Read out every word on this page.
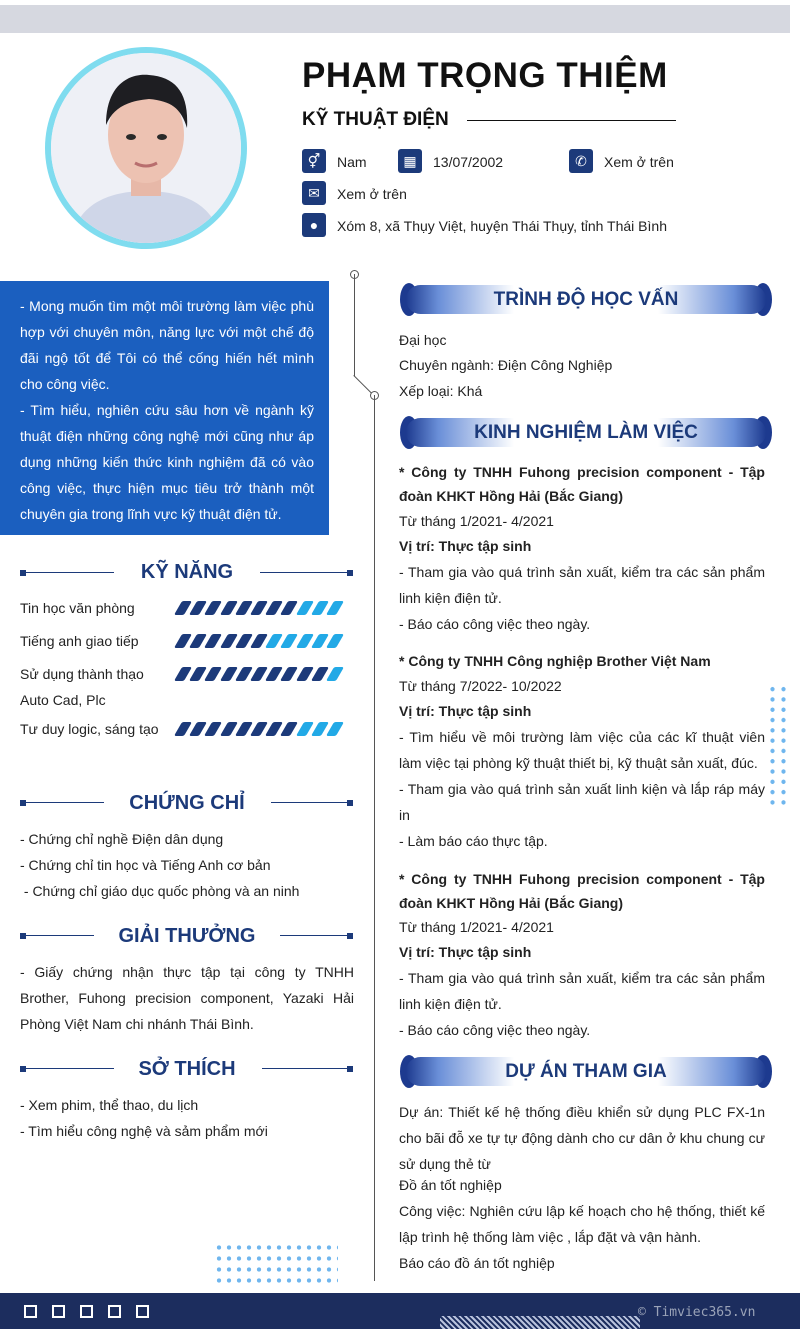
PHẠM TRỌNG THIỆM
KỸ THUẬT ĐIỆN
⚥	Nam	▦	13/07/2002	✆	Xem ở trên
✉	Xem ở trên
●	Xóm 8, xã Thụy Việt, huyện Thái Thụy, tỉnh Thái Bình

- Mong muốn tìm một môi trường làm việc phù hợp với chuyên môn, năng lực với một chế độ đãi ngộ tốt để Tôi có thể cống hiến hết mình cho công việc.
- Tìm hiểu, nghiên cứu sâu hơn về ngành kỹ thuật điện những công nghệ mới cũng như áp dụng những kiến thức kinh nghiệm đã có vào công việc, thực hiện mục tiêu trở thành một chuyên gia trong lĩnh vực kỹ thuật điện tử.

KỸ NĂNG
Tin học văn phòng
Tiếng anh giao tiếp
Sử dụng thành thạo Auto Cad, Plc
Tư duy logic, sáng tạo
CHỨNG CHỈ
- Chứng chỉ nghề Điện dân dụng
- Chứng chỉ tin học và Tiếng Anh cơ bản
- Chứng chỉ giáo dục quốc phòng và an ninh
GIẢI THƯỞNG
- Giấy chứng nhận thực tập tại công ty TNHH Brother, Fuhong precision component, Yazaki Hải Phòng Việt Nam chi nhánh Thái Bình.
SỞ THÍCH
- Xem phim, thể thao, du lịch
- Tìm hiểu công nghệ và sảm phẩm mới
TRÌNH ĐỘ HỌC VẤN
Đại học
Chuyên ngành: Điện Công Nghiệp
Xếp loại: Khá
KINH NGHIỆM LÀM VIỆC
* Công ty TNHH Fuhong precision component - Tập đoàn KHKT Hồng Hải (Bắc Giang)
Từ tháng 1/2021- 4/2021
Vị trí: Thực tập sinh
- Tham gia vào quá trình sản xuất, kiểm tra các sản phẩm linh kiện điện tử.
- Báo cáo công việc theo ngày.
* Công ty TNHH Công nghiệp Brother Việt Nam
Từ tháng 7/2022- 10/2022
Vị trí: Thực tập sinh
- Tìm hiểu về môi trường làm việc của các kĩ thuật viên làm việc tại phòng kỹ thuật thiết bị, kỹ thuật sản xuất, đúc.
- Tham gia vào quá trình sản xuất linh kiện và lắp ráp máy in
- Làm báo cáo thực tập.
* Công ty TNHH Fuhong precision component - Tập đoàn KHKT Hồng Hải (Bắc Giang)
Từ tháng 1/2021- 4/2021
Vị trí: Thực tập sinh
- Tham gia vào quá trình sản xuất, kiểm tra các sản phẩm linh kiện điện tử.
- Báo cáo công việc theo ngày.
DỰ ÁN THAM GIA
Dự án: Thiết kế hệ thống điều khiển sử dụng PLC FX-1n cho bãi đỗ xe tự tự động dành cho cư dân ở khu chung cư sử dụng thẻ từ
Đồ án tốt nghiệp
Công việc: Nghiên cứu lập kế hoạch cho hệ thống, thiết kế lập trình hệ thống làm việc , lắp đặt và vận hành.
Báo cáo đồ án tốt nghiệp
© Timviec365.vn
